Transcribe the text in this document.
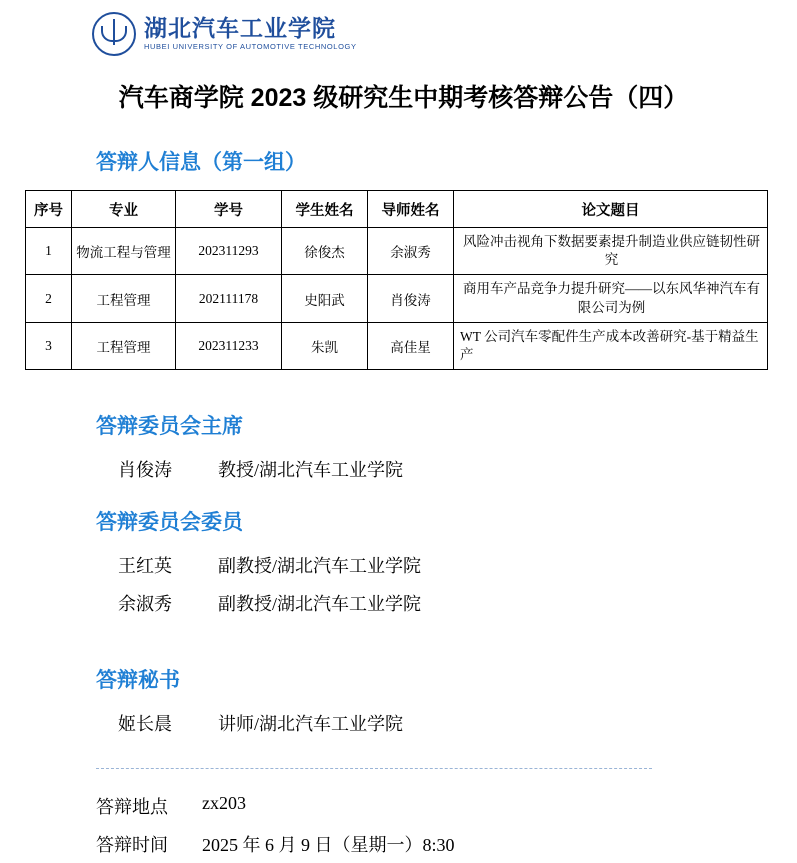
湖北汽车工业学院
HUBEI UNIVERSITY OF AUTOMOTIVE TECHNOLOGY
汽车商学院 2023 级研究生中期考核答辩公告（四）
答辩人信息（第一组）
序号	专业	学号	学生姓名	导师姓名	论文题目
1	物流工程与管理	202311293	徐俊杰	余淑秀	风险冲击视角下数据要素提升制造业供应链韧性研究
2	工程管理	202111178	史阳武	肖俊涛	商用车产品竞争力提升研究——以东风华神汽车有限公司为例
3	工程管理	202311233	朱凯	高佳星	WT 公司汽车零配件生产成本改善研究-基于精益生产
答辩委员会主席
肖俊涛	教授/湖北汽车工业学院
答辩委员会委员
王红英	副教授/湖北汽车工业学院
余淑秀	副教授/湖北汽车工业学院
答辩秘书
姬长晨	讲师/湖北汽车工业学院
答辩地点	zx203
答辩时间	2025 年 6 月 9 日（星期一）8:30
